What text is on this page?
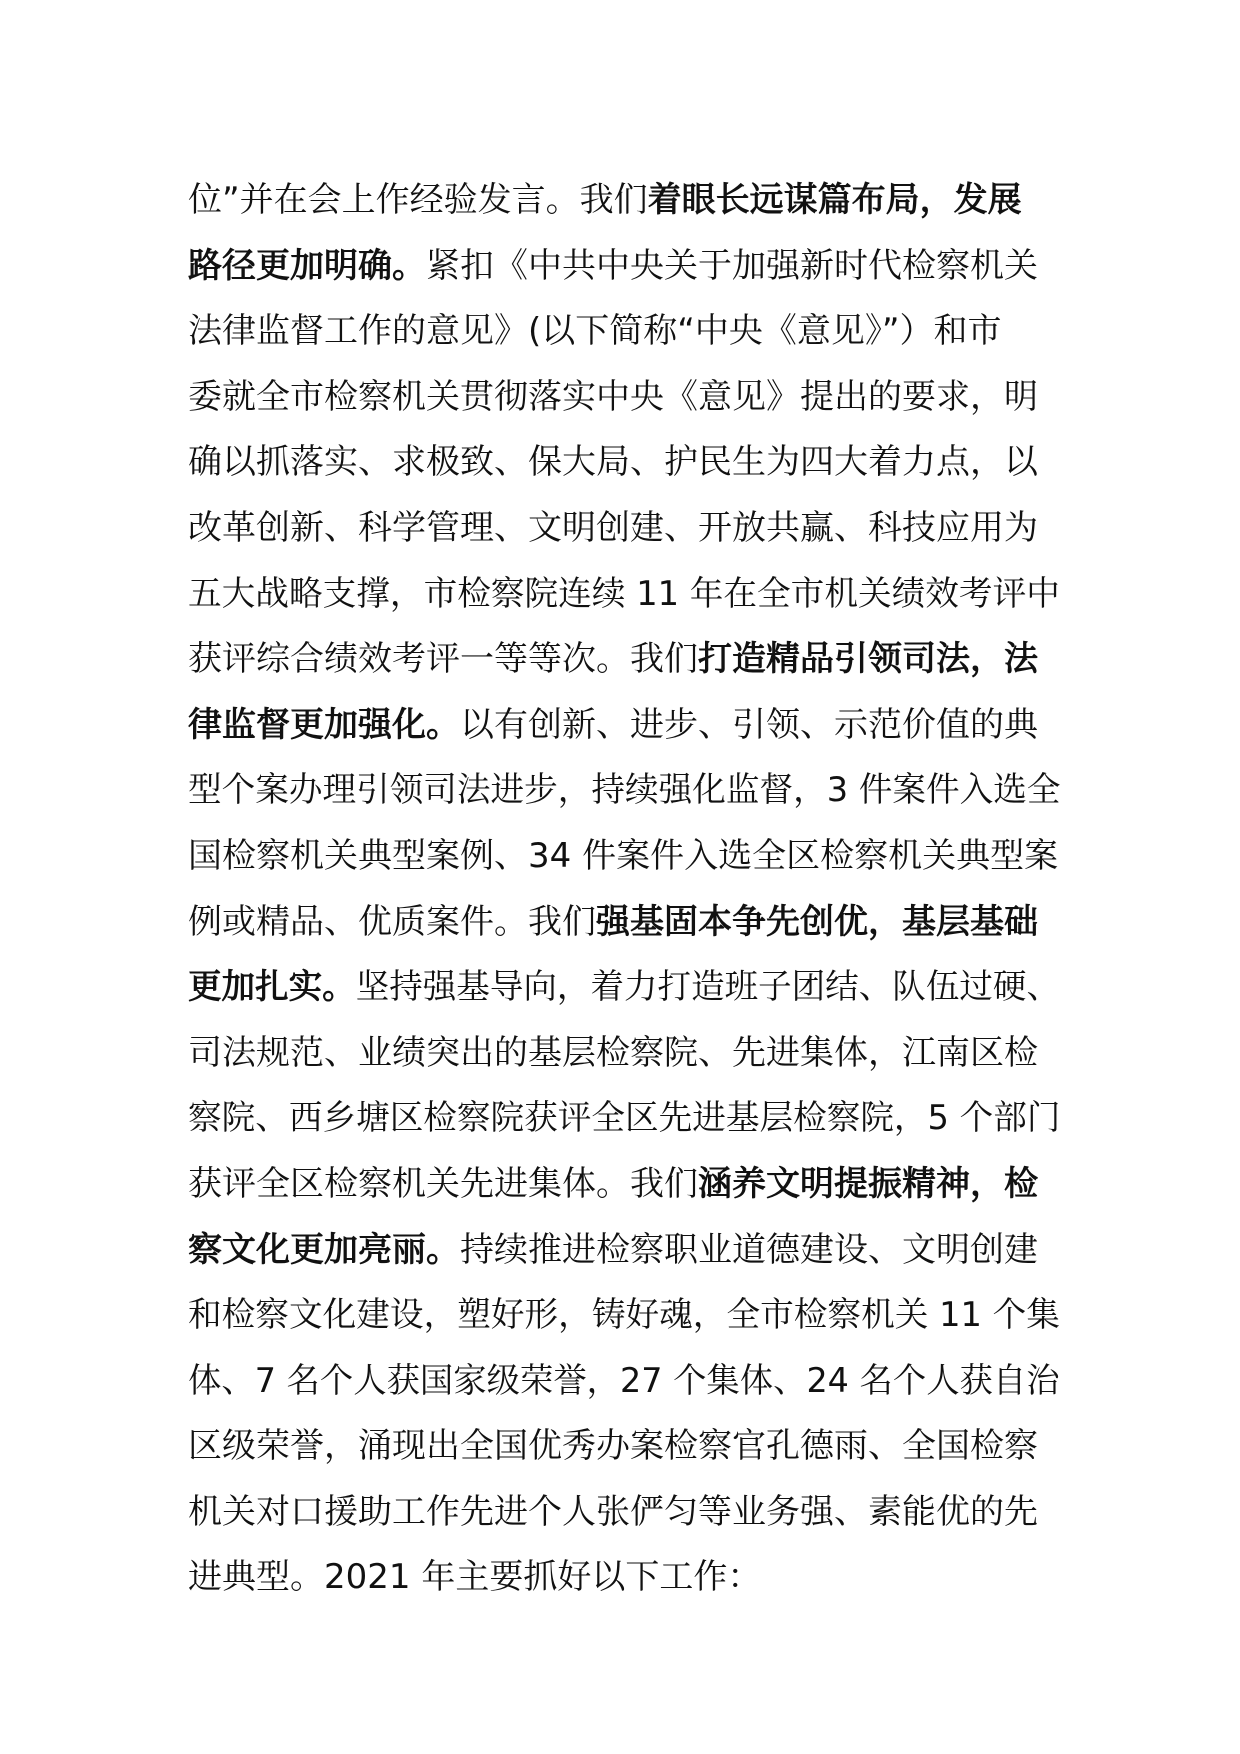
位”并在会上作经验发言。我们着眼长远谋篇布局，发展
路径更加明确。紧扣《中共中央关于加强新时代检察机关
法律监督工作的意见》(以下简称“中央《意见》”）和市
委就全市检察机关贯彻落实中央《意见》提出的要求，明
确以抓落实、求极致、保大局、护民生为四大着力点，以
改革创新、科学管理、文明创建、开放共赢、科技应用为
五大战略支撑，市检察院连续 11 年在全市机关绩效考评中
获评综合绩效考评一等等次。我们打造精品引领司法，法
律监督更加强化。以有创新、进步、引领、示范价值的典
型个案办理引领司法进步，持续强化监督，3 件案件入选全
国检察机关典型案例、34 件案件入选全区检察机关典型案
例或精品、优质案件。我们强基固本争先创优，基层基础
更加扎实。坚持强基导向，着力打造班子团结、队伍过硬、
司法规范、业绩突出的基层检察院、先进集体，江南区检
察院、西乡塘区检察院获评全区先进基层检察院，5 个部门
获评全区检察机关先进集体。我们涵养文明提振精神，检
察文化更加亮丽。持续推进检察职业道德建设、文明创建
和检察文化建设，塑好形，铸好魂，全市检察机关 11 个集
体、7 名个人获国家级荣誉，27 个集体、24 名个人获自治
区级荣誉，涌现出全国优秀办案检察官孔德雨、全国检察
机关对口援助工作先进个人张俨匀等业务强、素能优的先
进典型。2021 年主要抓好以下工作：
